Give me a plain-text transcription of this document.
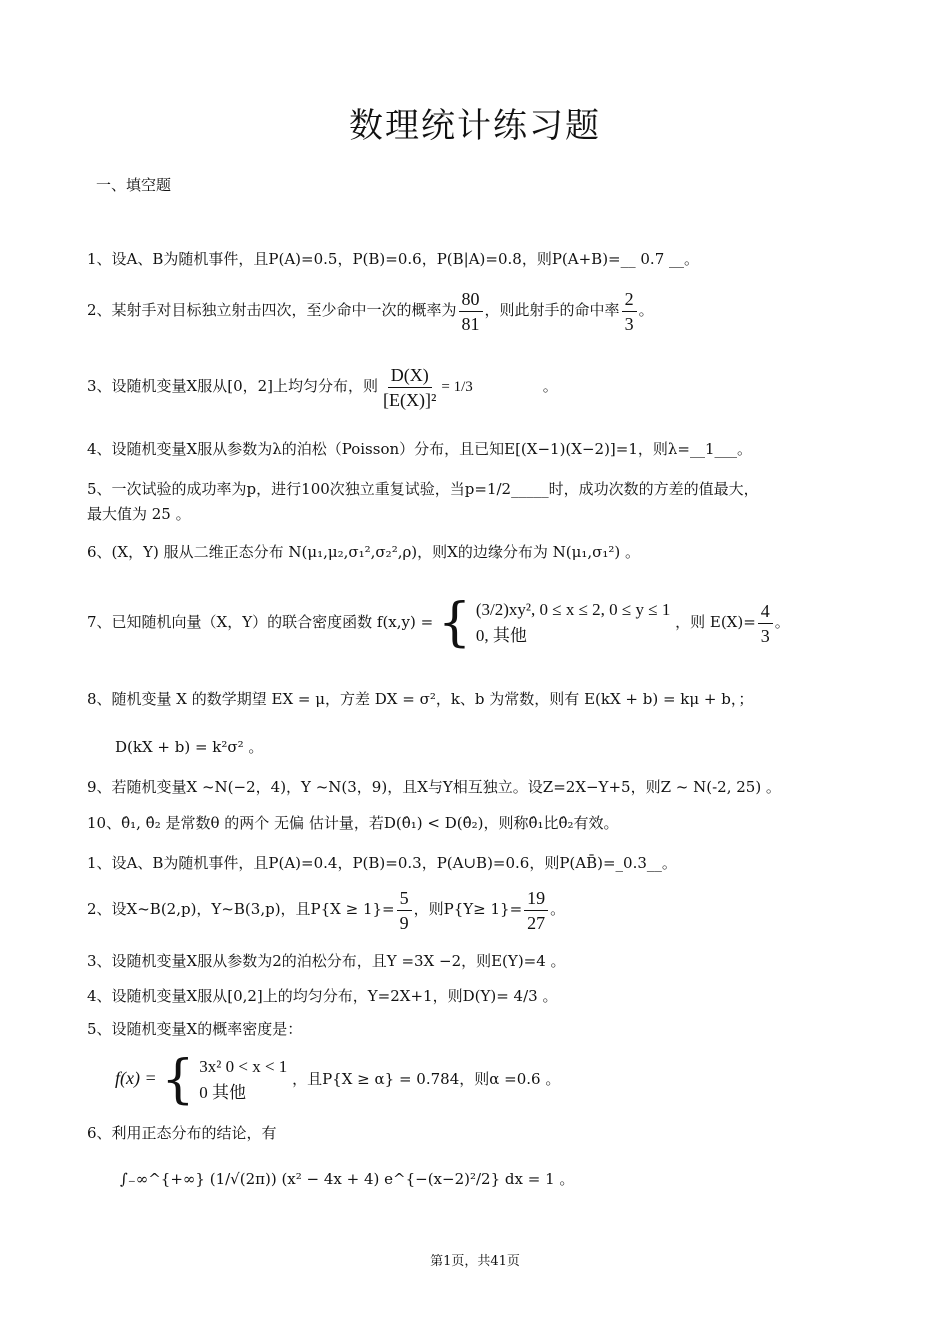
数理统计练习题
一、填空题
1、设A、B为随机事件，且P(A)=0.5，P(B)=0.6，P(B|A)=0.8，则P(A+B)=__ 0.7 __。
2、某射手对目标独立射击四次，至少命中一次的概率为 $\frac{80}{81}$ ，则此射手的命中率 $\frac{2}{3}$ 。
3、设随机变量X服从[0，2]上均匀分布，则 $\frac{D(X)}{\text{[E(X)]²}} = 1/3$	。
4、设随机变量X服从参数为λ的泊松（Poisson）分布，且已知E[(X−1)(X−2)]=1，则λ=__1___。
5、一次试验的成功率为p，进行100次独立重复试验，当p=1/2_____时，成功次数的方差的值最大，
最大值为 25 。
6、(X，Y) 服从二维正态分布 N(μ₁,μ₂,σ₁²,σ₂²,ρ)，则X的边缘分布为 N(μ₁,σ₁²) 。
7、已知随机向量（X，Y）的联合密度函数 f(x,y) = { (3/2)xy², 0 ≤ x ≤ 2, 0 ≤ y ≤ 1
0, 其他
，则 $E(X)= \frac{4}{3}$ 。
8、随机变量 X 的数学期望 EX = μ，方差 DX = σ²，k、b 为常数，则有 E(kX + b) = kμ + b，；
D(kX + b) = k²σ² 。
9、若随机变量X ~N(−2，4)，Y ~N(3，9)，且X与Y相互独立。设Z=2X−Y+5，则Z ~ N(-2, 25) 。
10、θ̂₁, θ̂₂ 是常数θ 的两个 无偏 估计量，若D(θ̂₁) < D(θ̂₂)，则称θ̂₁比θ̂₂有效。
1、设A、B为随机事件，且P(A)=0.4，P(B)=0.3，P(A∪B)=0.6，则P(AB̄)=_0.3__。
2、设X~B(2,p)，Y~B(3,p)，且$P\{X \ge 1\}= \frac{5}{9}$ ，则$P\{Y\ge 1\}= \frac{19}{27}$ 。
3、设随机变量X服从参数为2的泊松分布，且Y =3X −2，则E(Y)=4 。
4、设随机变量X服从[0,2]上的均匀分布，Y=2X+1，则D(Y)= 4/3 。
5、设随机变量X的概率密度是：
f(x) = { 3x² 0 < x < 1
0 其他
，且P{X ≥ α} = 0.784，则α =0.6 。
6、利用正态分布的结论，有
∫₋∞^{+∞} (1/√(2π)) (x² − 4x + 4) e^{−(x−2)²/2} dx = 1 。
第1页，共41页
